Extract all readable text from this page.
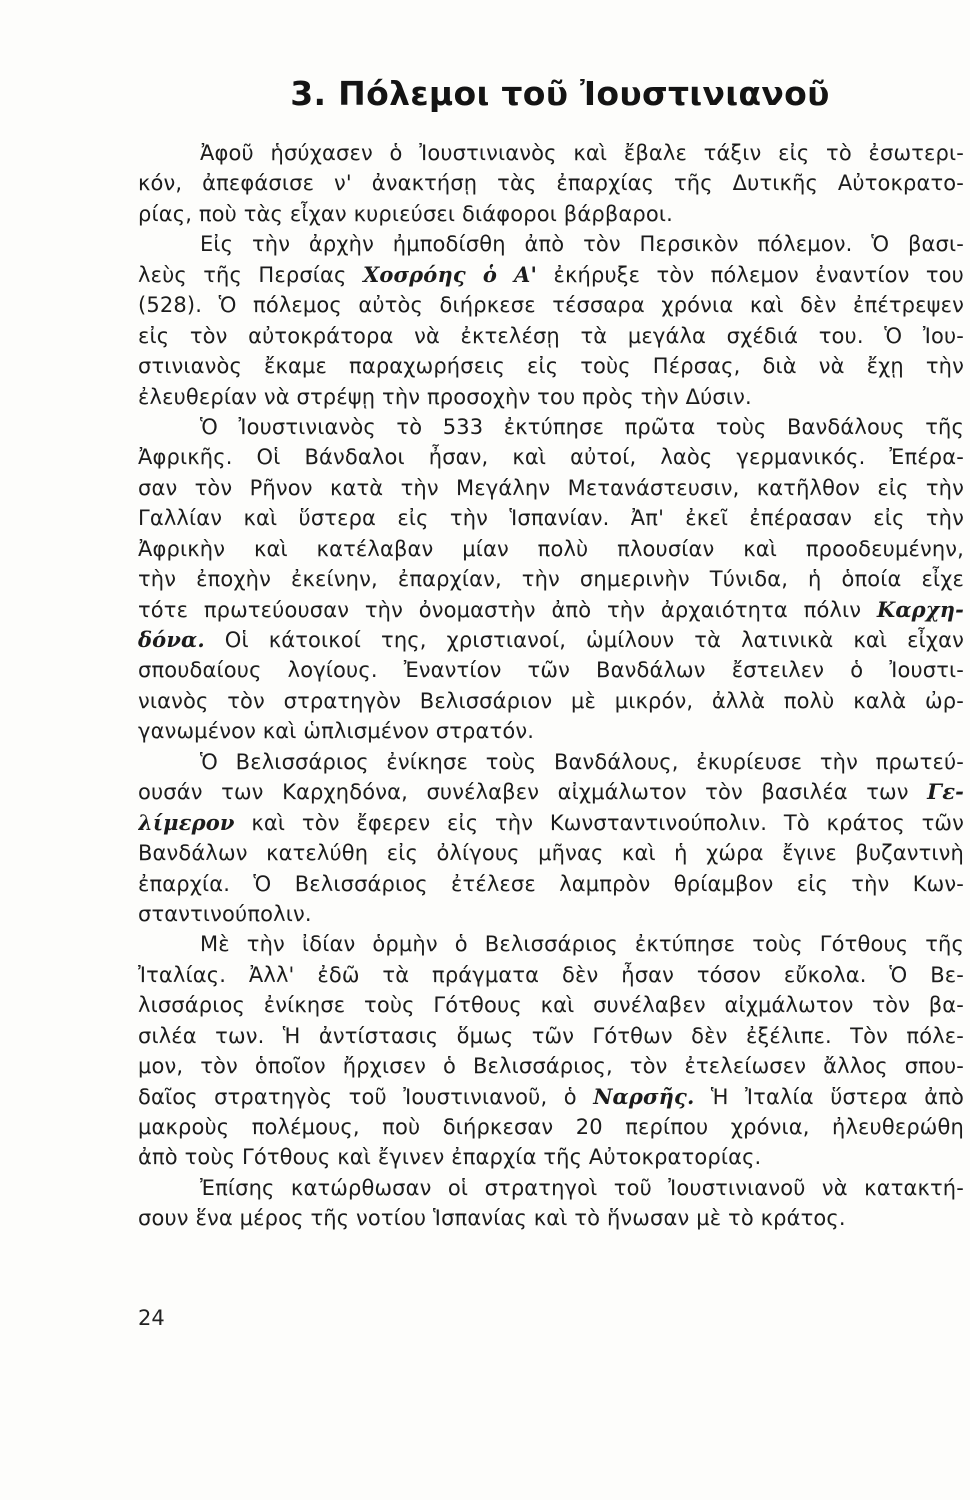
3. Πόλεμοι τοῦ Ἰουστινιανοῦ
Ἀφοῦ ἡσύχασεν ὁ Ἰουστινιανὸς καὶ ἔβαλε τάξιν εἰς τὸ ἐσωτερι-
κόν, ἀπεφάσισε ν' ἀνακτήσῃ τὰς ἐπαρχίας τῆς Δυτικῆς Αὐτοκρατο-
ρίας, ποὺ τὰς εἶχαν κυριεύσει διάφοροι βάρβαροι.
Εἰς τὴν ἀρχὴν ἠμποδίσθη ἀπὸ τὸν Περσικὸν πόλεμον. Ὁ βασι-
λεὺς τῆς Περσίας Χοσρόης ὁ Α' ἐκήρυξε τὸν πόλεμον ἐναντίον του
(528). Ὁ πόλεμος αὐτὸς διήρκεσε τέσσαρα χρόνια καὶ δὲν ἐπέτρεψεν
εἰς τὸν αὐτοκράτορα νὰ ἐκτελέσῃ τὰ μεγάλα σχέδιά του. Ὁ Ἰου-
στινιανὸς ἔκαμε παραχωρήσεις εἰς τοὺς Πέρσας, διὰ νὰ ἔχῃ τὴν
ἐλευθερίαν νὰ στρέψῃ τὴν προσοχὴν του πρὸς τὴν Δύσιν.
Ὁ Ἰουστινιανὸς τὸ 533 ἐκτύπησε πρῶτα τοὺς Βανδάλους τῆς
Ἀφρικῆς. Οἱ Βάνδαλοι ἦσαν, καὶ αὐτοί, λαὸς γερμανικός. Ἐπέρα-
σαν τὸν Ρῆνον κατὰ τὴν Μεγάλην Μετανάστευσιν, κατῆλθον εἰς τὴν
Γαλλίαν καὶ ὕστερα εἰς τὴν Ἱσπανίαν. Ἀπ' ἐκεῖ ἐπέρασαν εἰς τὴν
Ἀφρικὴν καὶ κατέλαβαν μίαν πολὺ πλουσίαν καὶ προοδευμένην,
τὴν ἐποχὴν ἐκείνην, ἐπαρχίαν, τὴν σημερινὴν Τύνιδα, ἡ ὁποία εἶχε
τότε πρωτεύουσαν τὴν ὀνομαστὴν ἀπὸ τὴν ἀρχαιότητα πόλιν Καρχη-
δόνα. Οἱ κάτοικοί της, χριστιανοί, ὡμίλουν τὰ λατινικὰ καὶ εἶχαν
σπουδαίους λογίους. Ἐναντίον τῶν Βανδάλων ἔστειλεν ὁ Ἰουστι-
νιανὸς τὸν στρατηγὸν Βελισσάριον μὲ μικρόν, ἀλλὰ πολὺ καλὰ ὠρ-
γανωμένον καὶ ὡπλισμένον στρατόν.
Ὁ Βελισσάριος ἐνίκησε τοὺς Βανδάλους, ἐκυρίευσε τὴν πρωτεύ-
ουσάν των Καρχηδόνα, συνέλαβεν αἰχμάλωτον τὸν βασιλέα των Γε-
λίμερον καὶ τὸν ἔφερεν εἰς τὴν Κωνσταντινούπολιν. Τὸ κράτος τῶν
Βανδάλων κατελύθη εἰς ὀλίγους μῆνας καὶ ἡ χώρα ἔγινε βυζαντινὴ
ἐπαρχία. Ὁ Βελισσάριος ἐτέλεσε λαμπρὸν θρίαμβον εἰς τὴν Κων-
σταντινούπολιν.
Μὲ τὴν ἰδίαν ὁρμὴν ὁ Βελισσάριος ἐκτύπησε τοὺς Γότθους τῆς
Ἰταλίας. Ἀλλ' ἐδῶ τὰ πράγματα δὲν ἦσαν τόσον εὔκολα. Ὁ Βε-
λισσάριος ἐνίκησε τοὺς Γότθους καὶ συνέλαβεν αἰχμάλωτον τὸν βα-
σιλέα των. Ἡ ἀντίστασις ὅμως τῶν Γότθων δὲν ἐξέλιπε. Τὸν πόλε-
μον, τὸν ὁποῖον ἤρχισεν ὁ Βελισσάριος, τὸν ἐτελείωσεν ἄλλος σπου-
δαῖος στρατηγὸς τοῦ Ἰουστινιανοῦ, ὁ Ναρσῆς. Ἡ Ἰταλία ὕστερα ἀπὸ
μακροὺς πολέμους, ποὺ διήρκεσαν 20 περίπου χρόνια, ἠλευθερώθη
ἀπὸ τοὺς Γότθους καὶ ἔγινεν ἐπαρχία τῆς Αὐτοκρατορίας.
Ἐπίσης κατώρθωσαν οἱ στρατηγοὶ τοῦ Ἰουστινιανοῦ νὰ κατακτή-
σουν ἕνα μέρος τῆς νοτίου Ἱσπανίας καὶ τὸ ἥνωσαν μὲ τὸ κράτος.
24
